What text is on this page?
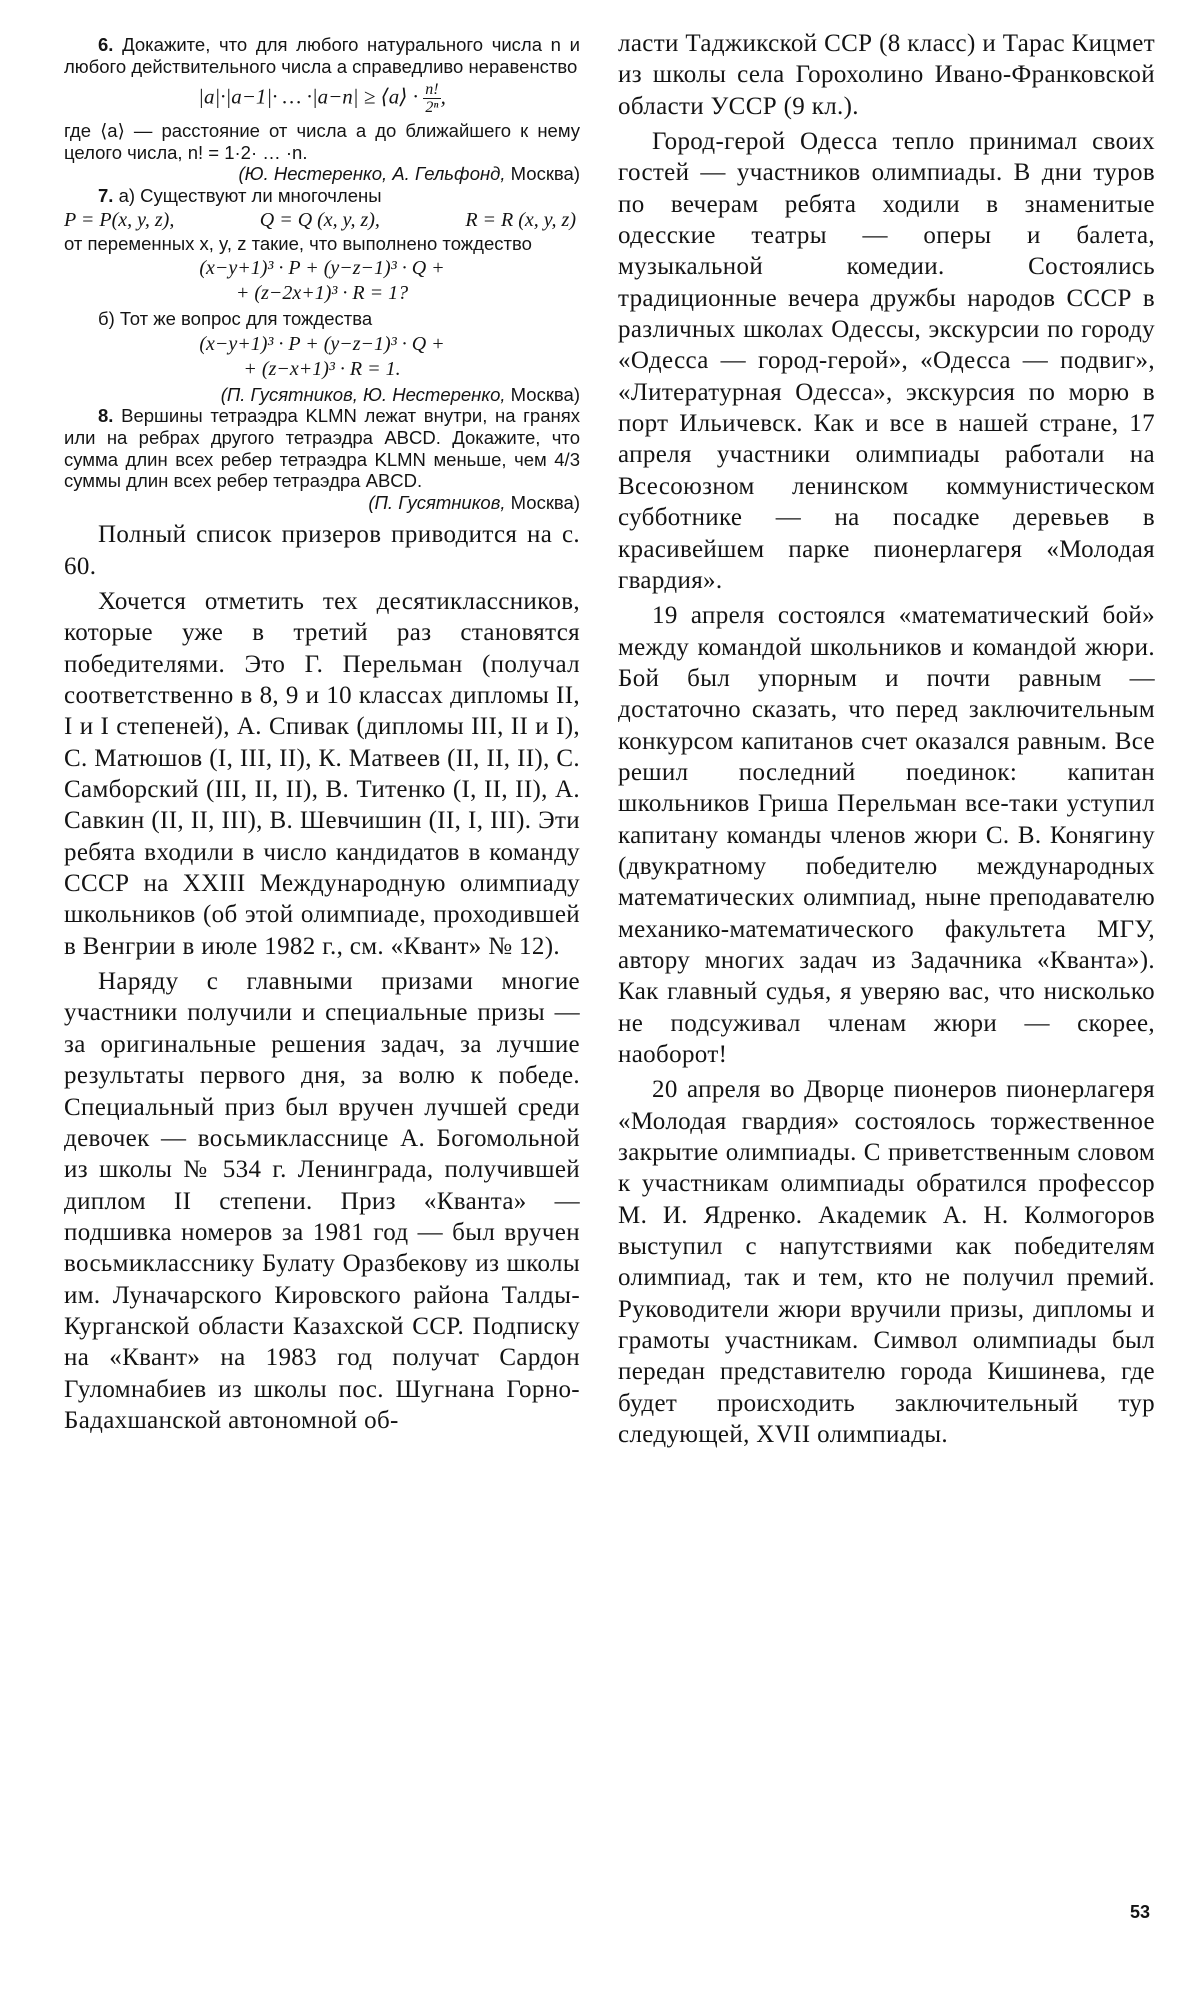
6. Докажите, что для любого натурального числа n и любого действительного числа a справедливо неравенство

|a|·|a−1|· … ·|a−n| ≥ ⟨a⟩ · $\frac{n!}{\text{2ⁿ}}$ ,

где ⟨a⟩ — расстояние от числа a до ближайшего к нему целого числа, n! = 1·2· … ·n.

(Ю. Нестеренко, А. Гельфонд, Москва)

7. а) Существуют ли многочлены

P = P(x, y, z),	Q = Q (x, y, z),	R = R (x, y, z)

от переменных x, y, z такие, что выполнено тождество

(x−y+1)³ · P + (y−z−1)³ · Q +
+ (z−2x+1)³ · R = 1?

б) Тот же вопрос для тождества

(x−y+1)³ · P + (y−z−1)³ · Q +
+ (z−x+1)³ · R = 1.

(П. Гусятников, Ю. Нестеренко, Москва)

8. Вершины тетраэдра KLMN лежат внутри, на гранях или на ребрах другого тетраэдра ABCD. Докажите, что сумма длин всех ребер тетраэдра KLMN меньше, чем 4/3 суммы длин всех ребер тетраэдра ABCD.

(П. Гусятников, Москва)

Полный список призеров приводится на с. 60.

Хочется отметить тех десятиклассников, которые уже в третий раз становятся победителями. Это Г. Перельман (получал соответственно в 8, 9 и 10 классах дипломы II, I и I степеней), А. Спивак (дипломы III, II и I), С. Матюшов (I, III, II), К. Матвеев (II, II, II), С. Самборский (III, II, II), В. Титенко (I, II, II), А. Савкин (II, II, III), В. Шевчишин (II, I, III). Эти ребята входили в число кандидатов в команду СССР на XXIII Международную олимпиаду школьников (об этой олимпиаде, проходившей в Венгрии в июле 1982 г., см. «Квант» № 12).

Наряду с главными призами многие участники получили и специальные призы — за оригинальные решения задач, за лучшие результаты первого дня, за волю к победе. Специальный приз был вручен лучшей среди девочек — восьмикласснице А. Богомольной из школы № 534 г. Ленинграда, получившей диплом II степени. Приз «Кванта» — подшивка номеров за 1981 год — был вручен восьмикласснику Булату Оразбекову из школы им. Луначарского Кировского района Талды-Курганской области Казахской ССР. Подписку на «Квант» на 1983 год получат Сардон Гуломнабиев из школы пос. Шугнана Горно-Бадахшанской автономной об-

ласти Таджикской ССР (8 класс) и Тарас Кицмет из школы села Горохолино Ивано-Франковской области УССР (9 кл.).

Город-герой Одесса тепло принимал своих гостей — участников олимпиады. В дни туров по вечерам ребята ходили в знаменитые одесские театры — оперы и балета, музыкальной комедии. Состоялись традиционные вечера дружбы народов СССР в различных школах Одессы, экскурсии по городу «Одесса — город-герой», «Одесса — подвиг», «Литературная Одесса», экскурсия по морю в порт Ильичевск. Как и все в нашей стране, 17 апреля участники олимпиады работали на Всесоюзном ленинском коммунистическом субботнике — на посадке деревьев в красивейшем парке пионерлагеря «Молодая гвардия».

19 апреля состоялся «математический бой» между командой школьников и командой жюри. Бой был упорным и почти равным — достаточно сказать, что перед заключительным конкурсом капитанов счет оказался равным. Все решил последний поединок: капитан школьников Гриша Перельман все-таки уступил капитану команды членов жюри С. В. Конягину (двукратному победителю международных математических олимпиад, ныне преподавателю механико-математического факультета МГУ, автору многих задач из Задачника «Кванта»). Как главный судья, я уверяю вас, что нисколько не подсуживал членам жюри — скорее, наоборот!

20 апреля во Дворце пионеров пионерлагеря «Молодая гвардия» состоялось торжественное закрытие олимпиады. С приветственным словом к участникам олимпиады обратился профессор М. И. Ядренко. Академик А. Н. Колмогоров выступил с напутствиями как победителям олимпиад, так и тем, кто не получил премий. Руководители жюри вручили призы, дипломы и грамоты участникам. Символ олимпиады был передан представителю города Кишинева, где будет происходить заключительный тур следующей, XVII олимпиады.

53
